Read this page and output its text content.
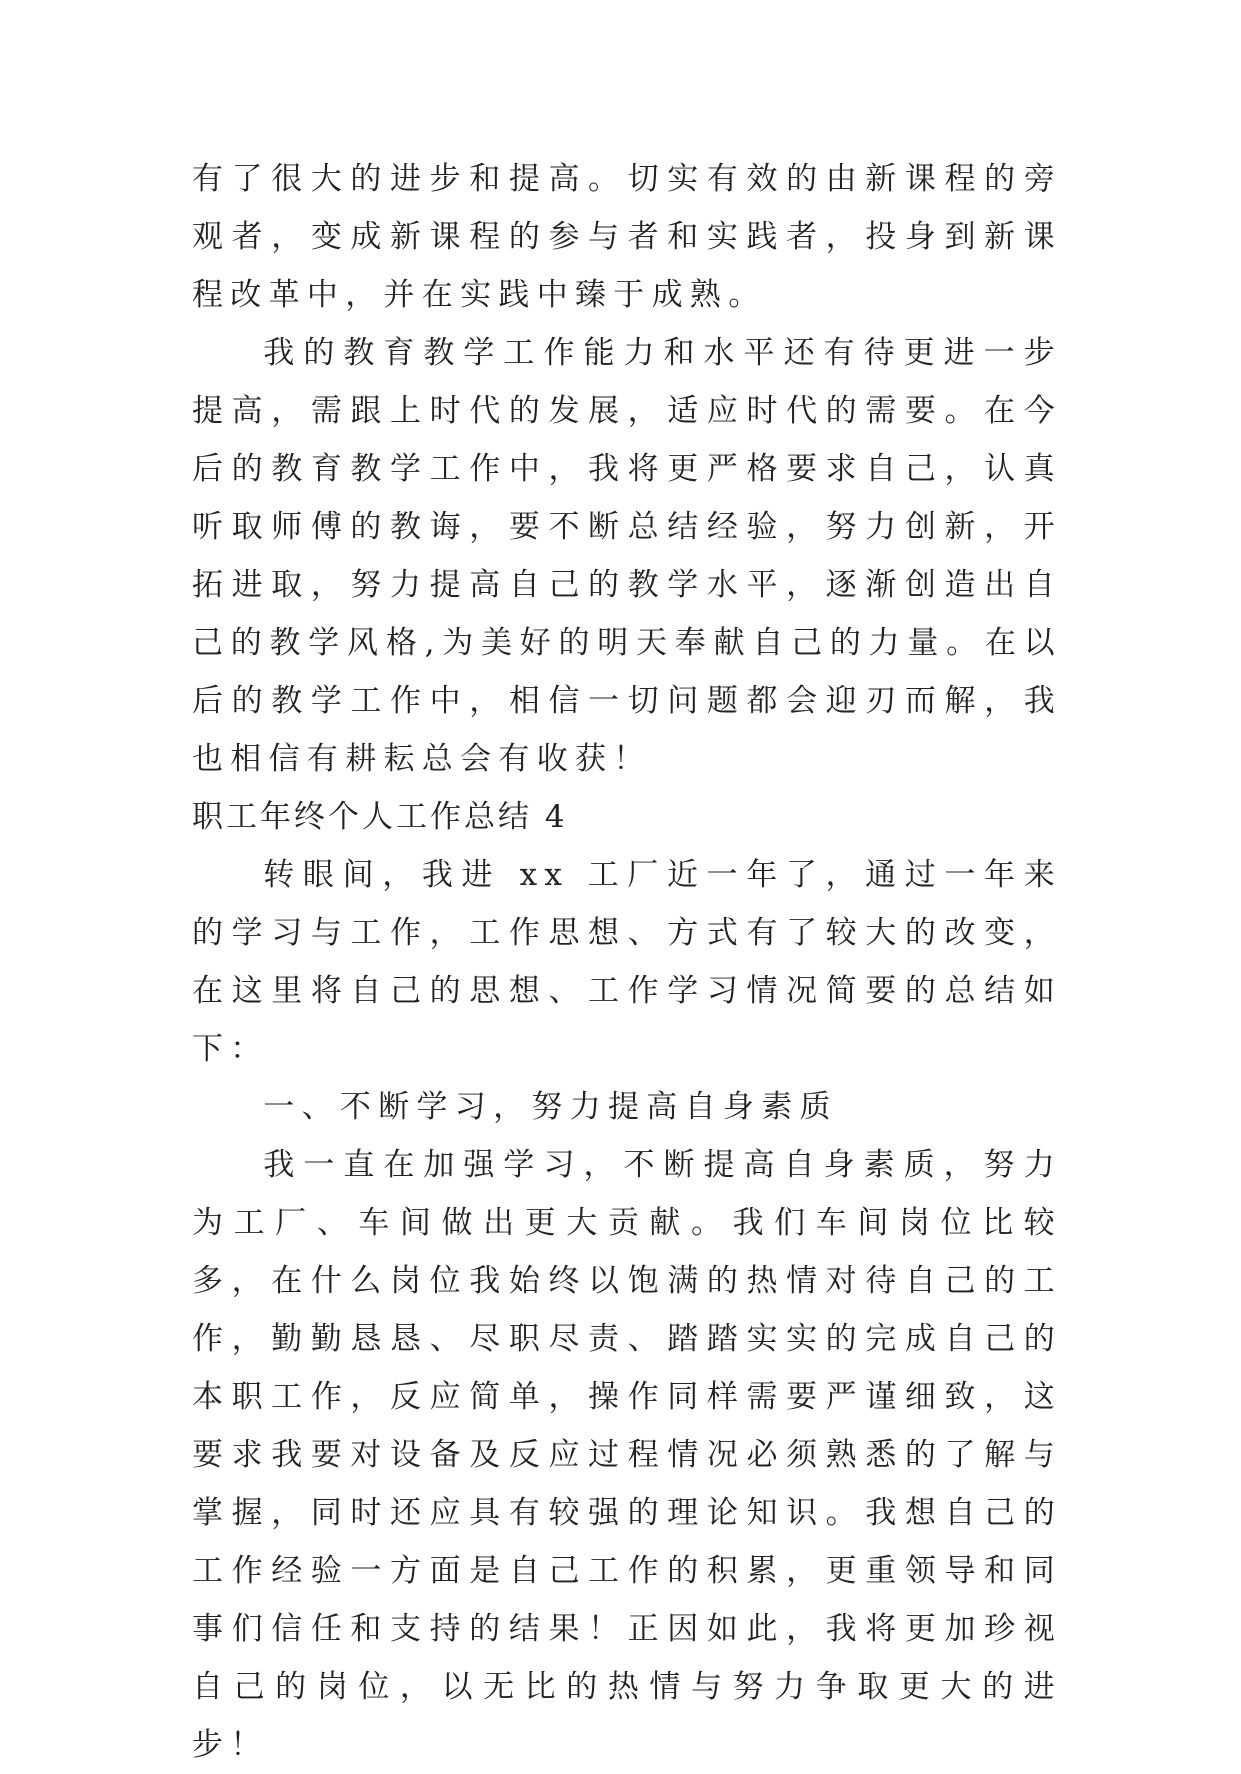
有了很大的进步和提高。切实有效的由新课程的旁观者，变成新课程的参与者和实践者，投身到新课程改革中，并在实践中臻于成熟。

我的教育教学工作能力和水平还有待更进一步提高，需跟上时代的发展，适应时代的需要。在今后的教育教学工作中，我将更严格要求自己，认真听取师傅的教诲，要不断总结经验，努力创新，开拓进取，努力提高自己的教学水平，逐渐创造出自己的教学风格,为美好的明天奉献自己的力量。在以后的教学工作中，相信一切问题都会迎刃而解，我也相信有耕耘总会有收获！

职工年终个人工作总结 4

转眼间，我进 xx 工厂近一年了，通过一年来的学习与工作，工作思想、方式有了较大的改变，在这里将自己的思想、工作学习情况简要的总结如下：

一、不断学习，努力提高自身素质

我一直在加强学习，不断提高自身素质，努力为工厂、车间做出更大贡献。我们车间岗位比较多，在什么岗位我始终以饱满的热情对待自己的工作，勤勤恳恳、尽职尽责、踏踏实实的完成自己的本职工作，反应简单，操作同样需要严谨细致，这要求我要对设备及反应过程情况必须熟悉的了解与掌握，同时还应具有较强的理论知识。我想自己的工作经验一方面是自己工作的积累，更重领导和同事们信任和支持的结果！正因如此，我将更加珍视自己的岗位，以无比的热情与努力争取更大的进步！
